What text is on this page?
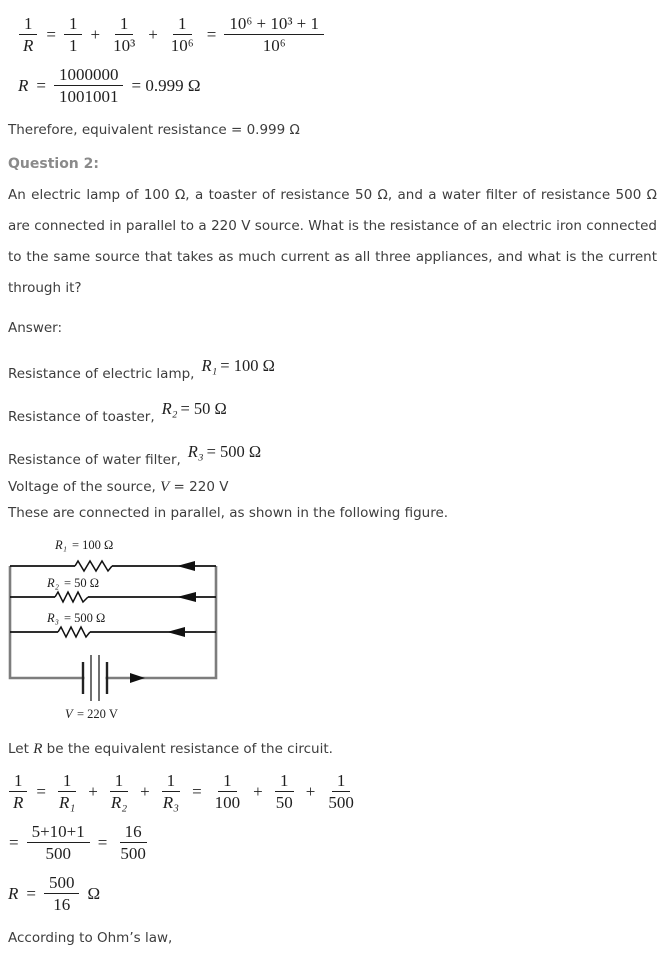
$\frac{1}{R} = \frac{1}{1} + \frac{1}{\text{10³}} + \frac{1}{\text{10⁶}} = \frac{\text{10⁶ + 10³ + 1}}{\text{10⁶}}$
$R = \frac{1000000}{1001001} = 0.999$ Ω
Therefore, equivalent resistance = 0.999 Ω
Question 2:
An electric lamp of 100 Ω, a toaster of resistance 50 Ω, and a water filter of resistance 500 Ω are connected in parallel to a 220 V source. What is the resistance of an electric iron connected to the same source that takes as much current as all three appliances, and what is the current through it?
Answer:
Resistance of electric lamp, R₁ = 100 Ω
Resistance of toaster, R₂ = 50 Ω
Resistance of water filter, R₃ = 500 Ω
Voltage of the source, V = 220 V
These are connected in parallel, as shown in the following figure.
R₁ = 100 Ω
R₂ = 50 Ω
R₃ = 500 Ω
V = 220 V
Let R be the equivalent resistance of the circuit.
$\frac{1}{R} = \frac{1}{\text{R₁}} + \frac{1}{\text{R₂}} + \frac{1}{\text{R₃}} = \frac{1}{100} + \frac{1}{50} + \frac{1}{500}$
= $\frac{5+10+1}{500} = \frac{16}{500}$
$R = \frac{500}{16}$ Ω
According to Ohm’s law,
